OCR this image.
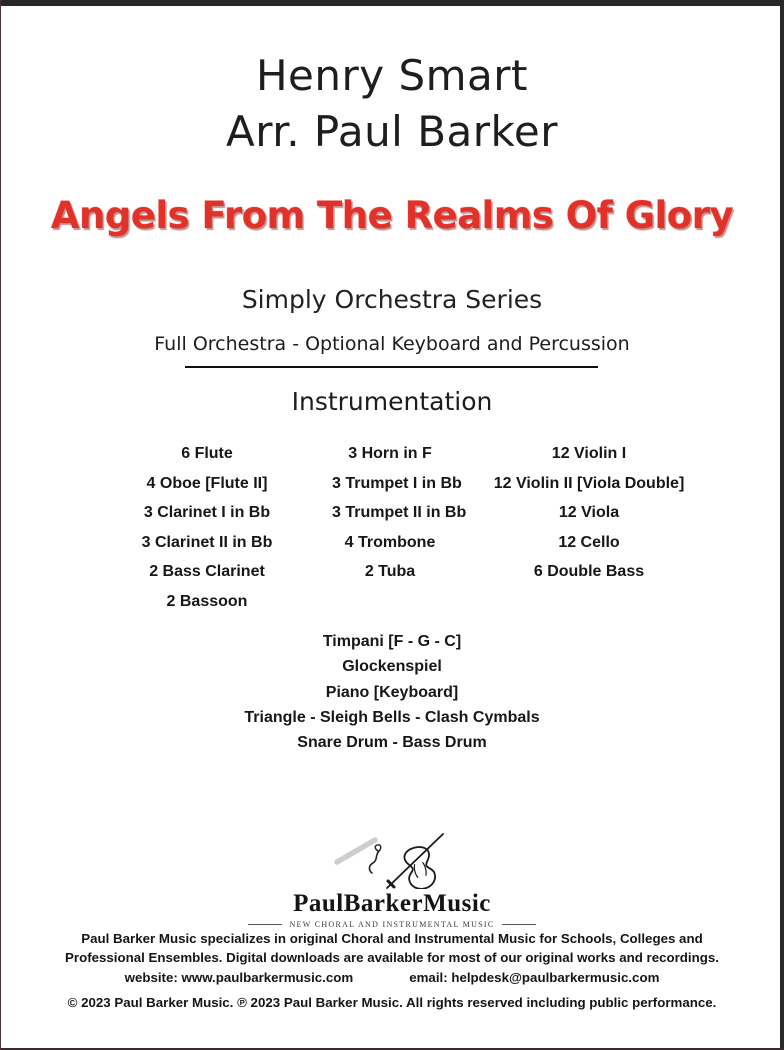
Henry Smart
Arr. Paul Barker
Angels From The Realms Of Glory
Simply Orchestra Series
Full Orchestra - Optional Keyboard and Percussion
Instrumentation
6 Flute
4 Oboe [Flute II]
3 Clarinet I in Bb
3 Clarinet II in Bb
2 Bass Clarinet
2 Bassoon
3 Horn in F
3 Trumpet I in Bb
3 Trumpet II in Bb
4 Trombone
2 Tuba
12 Violin I
12 Violin II [Viola Double]
12 Viola
12 Cello
6 Double Bass
Timpani [F - G - C]
Glockenspiel
Piano [Keyboard]
Triangle - Sleigh Bells - Clash Cymbals
Snare Drum - Bass Drum
PaulBarkerMusic
NEW CHORAL AND INSTRUMENTAL MUSIC

Paul Barker Music specializes in original Choral and Instrumental Music for Schools, Colleges and Professional Ensembles. Digital downloads are available for most of our original works and recordings.

website: www.paulbarkermusic.com	email: helpdesk@paulbarkermusic.com

© 2023 Paul Barker Music. ℗ 2023 Paul Barker Music. All rights reserved including public performance.
